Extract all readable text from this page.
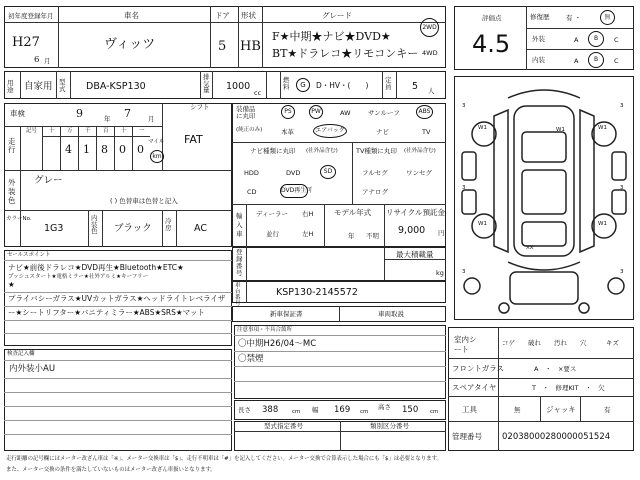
初年度登録年月
H27
6 月
車名
ヴィッツ
ドア
5
形状
HB
グレード
F★中期★ナビ★DVD★
BT★ドラレコ★リモコンキー
2WD
4WD
用途	自家用 型式	DBA-KSP130
排気量 1000
cc
燃料	G	D・HV・(　　)
定員 5 人
車検	9	年 7	月
シフト
FAT
走行
記号 十 万
4
千
1
百
8
十
0
一
0
マイル
km
外装色
グレー
( ) 色替車は色替と記入
カラーNo.
1G3
内装色 ブラック
冷房 AC
装備品に丸印
(純正のみ)
PS	PW	AW	サンルーフ	ABS
本革	エアバック	ナビ	TV
ナビ種類に丸印 (社外品含む)
HDD	DVD	SD
CD	DVD再生可
TV種類に丸印 (社外品含む)
フルセグ	ワンセグ
アナログ
輸入車
ディーラー
並行
右H
左H
モデル年式
年 不明
リサイクル預託金
9,000 円
登録番号
最大積載量
kg
車台番号
KSP130-2145572
新車保証書	車両取説
セールスポイント
ナビ★前後ドラレコ★DVD再生★Bluetooth★ETC★
プッシュスタート★電格ミラー★社外アルミ★キーフリー
★
プライバシーガラス★UVカットガラス★ヘッドライトレベライザ
ー★シートリフター★バニティミラー★ABS★SRS★マット
検査記入欄
内外装小AU
注意事項・不具合箇所
〇中期H26/04～MC
〇禁煙
長さ 388	cm 幅 169 cm
高さ 150 cm
型式指定番号	類別区分番号
評価点
4.5
修復歴	有 ・	無
外装	A	B	C
内装	A	B	C
W1	W1
W1
W1	W1
XX
3	3
3	3
3	3
室内シート
コゲ 破れ 汚れ 穴	キズ
フロントガラス	A　・　×要ス
スペアタイヤ	T　・　修理KIT　・　欠
工具	無	ジャッキ	有
管理番号 02038000280000051524
走行距離の記号欄にはメーター改ざん車は「※」、メーター交換車は「$」、走行不明車は「#」を記入してください。メーター交換で合算表示した場合にも「$」は必要となります。
また、メーター交換の条件を満たしていないものはメーター改ざん車扱いとなります。
